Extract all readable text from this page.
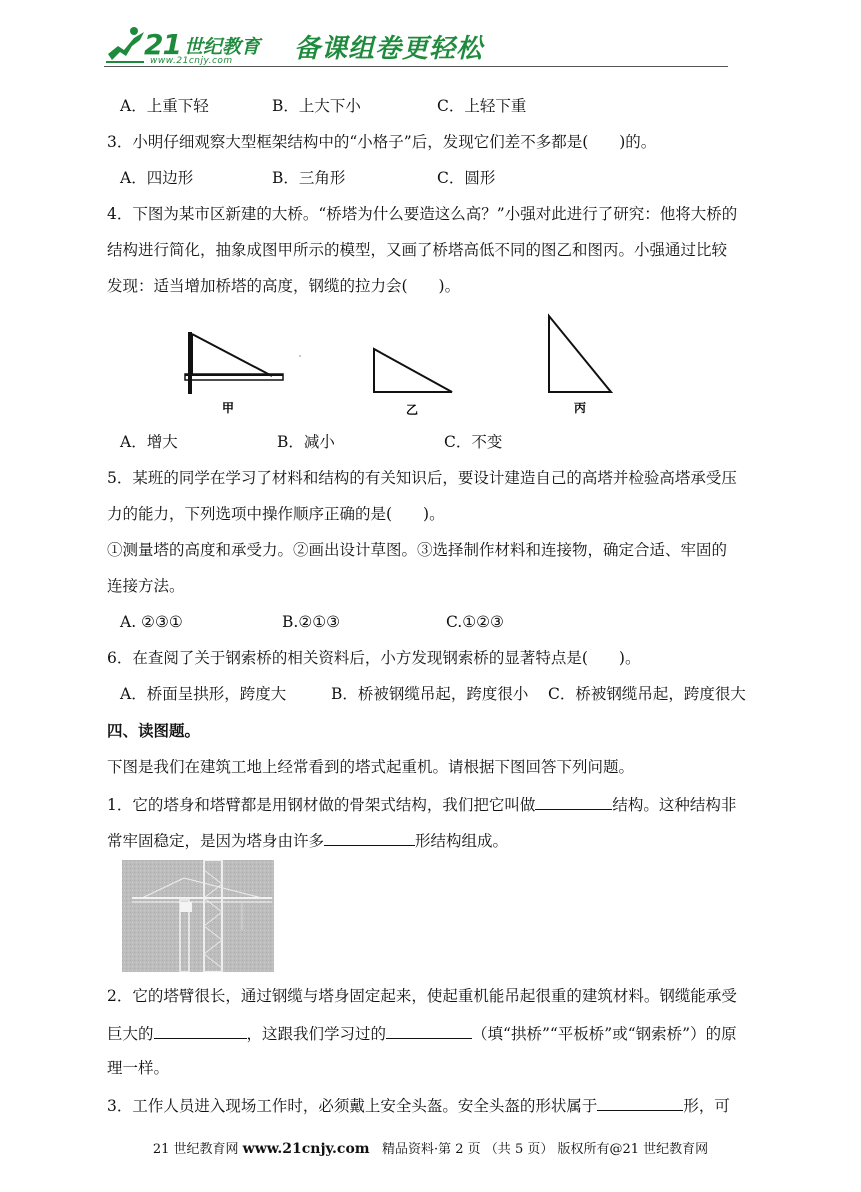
21 世纪教育
www.21cnjy.com 备课组卷更轻松
A．上重下轻	B．上大下小	C．上轻下重
3．小明仔细观察大型框架结构中的“小格子”后，发现它们差不多都是(　　)的。
A．四边形	B．三角形	C．圆形
4．下图为某市区新建的大桥。“桥塔为什么要造这么高？”小强对此进行了研究：他将大桥的
结构进行简化，抽象成图甲所示的模型，又画了桥塔高低不同的图乙和图丙。小强通过比较
发现：适当增加桥塔的高度，钢缆的拉力会(　　)。
甲	乙	丙
A．增大	B．减小	C．不变
5．某班的同学在学习了材料和结构的有关知识后，要设计建造自己的高塔并检验高塔承受压
力的能力，下列选项中操作顺序正确的是(　　)。
①测量塔的高度和承受力。②画出设计草图。③选择制作材料和连接物，确定合适、牢固的
连接方法。
A. ②③①	B.②①③	C.①②③
6．在查阅了关于钢索桥的相关资料后，小方发现钢索桥的显著特点是(　　)。
A．桥面呈拱形，跨度大	B．桥被钢缆吊起，跨度很小 C．桥被钢缆吊起，跨度很大
四、读图题。
下图是我们在建筑工地上经常看到的塔式起重机。请根据下图回答下列问题。
1．它的塔身和塔臂都是用钢材做的骨架式结构，我们把它叫做	结构。这种结构非
常牢固稳定，是因为塔身由许多	形结构组成。
2．它的塔臂很长，通过钢缆与塔身固定起来，使起重机能吊起很重的建筑材料。钢缆能承受
巨大的	，这跟我们学习过的	（填“拱桥”“平板桥”或“钢索桥”）的原
理一样。
3．工作人员进入现场工作时，必须戴上安全头盔。安全头盔的形状属于	形，可
21 世纪教育网 www.21cnjy.com   精品资料·第 2 页 （共 5 页） 版权所有@21 世纪教育网
